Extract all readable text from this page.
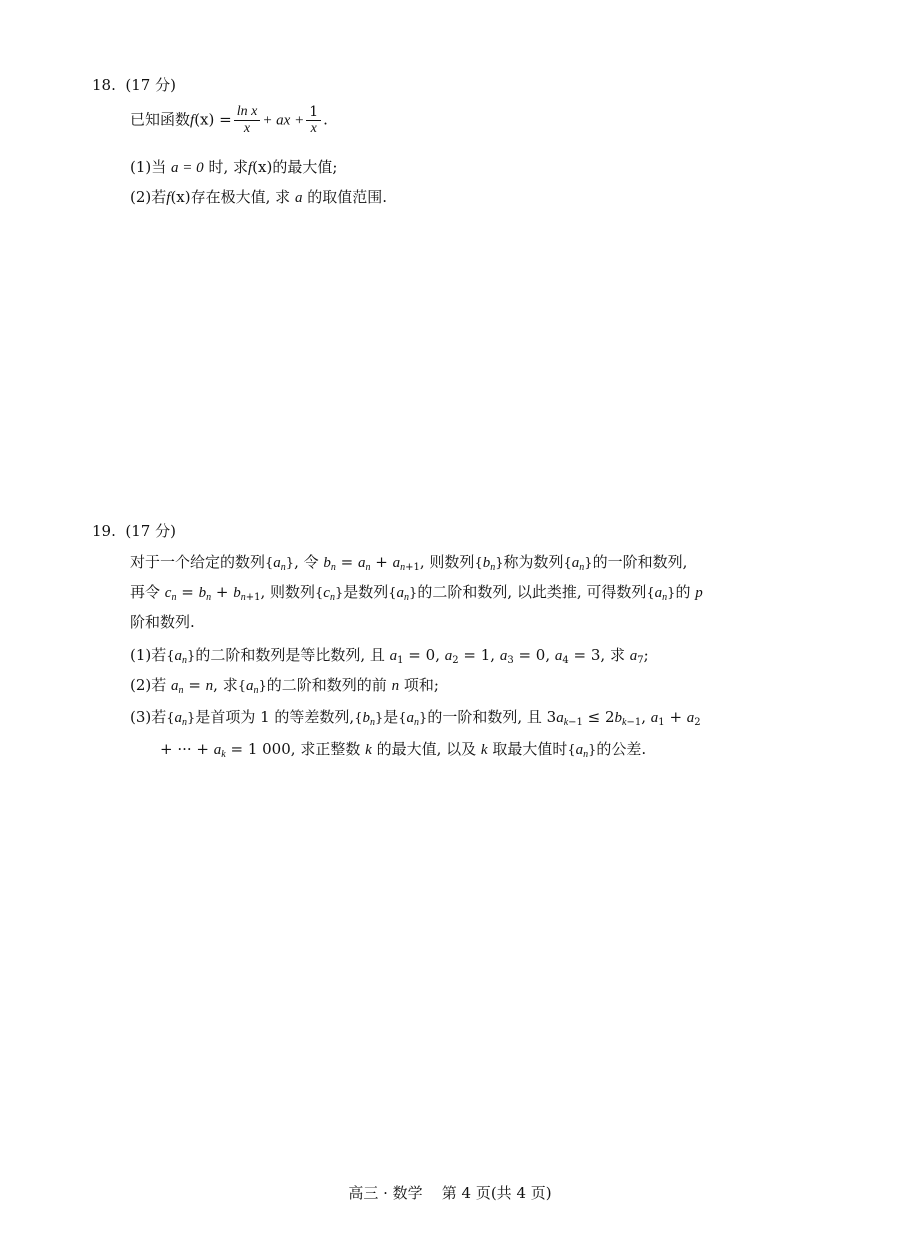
18. (17 分)
已知函数$f(x) = \frac{\text{ln x}}{x}$ + ax + $\frac{1}{x}$ .
(1)当 a = 0 时, 求f(x)的最大值;
(2)若f(x)存在极大值, 求 a 的取值范围.
19. (17 分)
对于一个给定的数列$\{a_n\}$, 令 $b_n = a_n + a_{n+1}$, 则数列$\{b_n\}$称为数列$\{a_n\}$的一阶和数列,
再令 $c_n = b_n + b_{n+1}$, 则数列$\{c_n\}$是数列$\{a_n\}$的二阶和数列, 以此类推, 可得数列$\{a_n\}$的 p
阶和数列.
(1)若$\{a_n\}$的二阶和数列是等比数列, 且 $a_1 = 0$, $a_2 = 1$, $a_3 = 0$, $a_4 = 3$, 求 $a_7$;
(2)若 $a_n = n$, 求$\{a_n\}$的二阶和数列的前 n 项和;
(3)若$\{a_n\}$是首项为 1 的等差数列$,\{b_n\}$是$\{a_n\}$的一阶和数列, 且 $3a_{k-1} \le 2b_{k-1}$, $a_1 + a_2$
+ ··· + $a_k = 1$ 000, 求正整数 k 的最大值, 以及 k 取最大值时$\{a_n\}$的公差.
高三 · 数学    第 4 页(共 4 页)
